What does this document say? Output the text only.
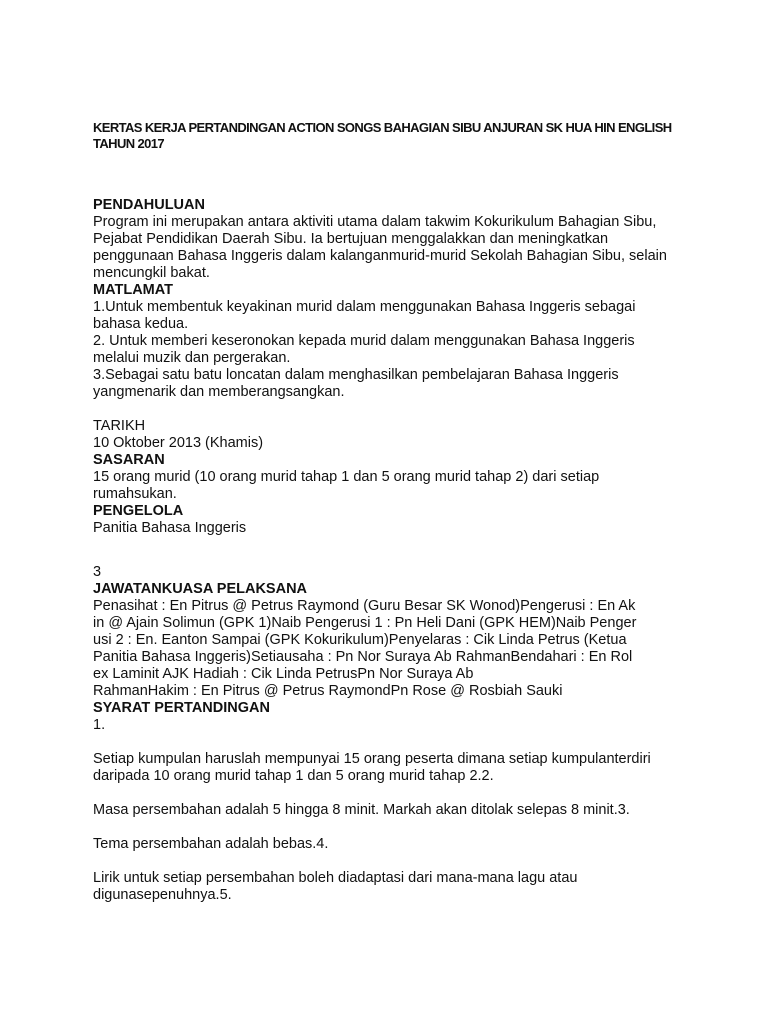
KERTAS KERJA PERTANDINGAN ACTION SONGS BAHAGIAN SIBU ANJURAN SK HUA HIN ENGLISH TAHUN 2017

PENDAHULUAN

Program ini merupakan antara aktiviti utama dalam takwim Kokurikulum Bahagian Sibu, Pejabat Pendidikan Daerah Sibu. Ia bertujuan menggalakkan dan meningkatkan penggunaan Bahasa Inggeris dalam kalanganmurid-murid Sekolah Bahagian Sibu, selain mencungkil bakat.

MATLAMAT

1.Untuk membentuk keyakinan murid dalam menggunakan Bahasa Inggeris sebagai bahasa kedua.

2. Untuk memberi keseronokan kepada murid dalam menggunakan Bahasa Inggeris melalui muzik dan pergerakan.

3.Sebagai satu batu loncatan dalam menghasilkan pembelajaran Bahasa Inggeris yangmenarik dan memberangsangkan.

TARIKH

10 Oktober 2013 (Khamis)

SASARAN

15 orang murid (10 orang murid tahap 1 dan 5 orang murid tahap 2) dari setiap rumahsukan.

PENGELOLA

Panitia Bahasa Inggeris

3

JAWATANKUASA PELAKSANA

Penasihat : En Pitrus @ Petrus Raymond (Guru Besar SK Wonod)Pengerusi : En Ak

in @ Ajain Solimun (GPK 1)Naib Pengerusi 1 : Pn Heli Dani (GPK HEM)Naib Penger

usi 2 : En. Eanton Sampai (GPK Kokurikulum)Penyelaras : Cik Linda Petrus (Ketua

Panitia Bahasa Inggeris)Setiausaha : Pn Nor Suraya Ab RahmanBendahari : En Rol

ex Laminit AJK Hadiah : Cik Linda PetrusPn Nor Suraya Ab

RahmanHakim : En Pitrus @ Petrus RaymondPn Rose @ Rosbiah Sauki

SYARAT PERTANDINGAN

1.

Setiap kumpulan haruslah mempunyai 15 orang peserta dimana setiap kumpulanterdiri daripada 10 orang murid tahap 1 dan 5 orang murid tahap 2.2.

Masa persembahan adalah 5 hingga 8 minit. Markah akan ditolak selepas 8 minit.3.

Tema persembahan adalah bebas.4.

Lirik untuk setiap persembahan boleh diadaptasi dari mana-mana lagu atau digunasepenuhnya.5.
